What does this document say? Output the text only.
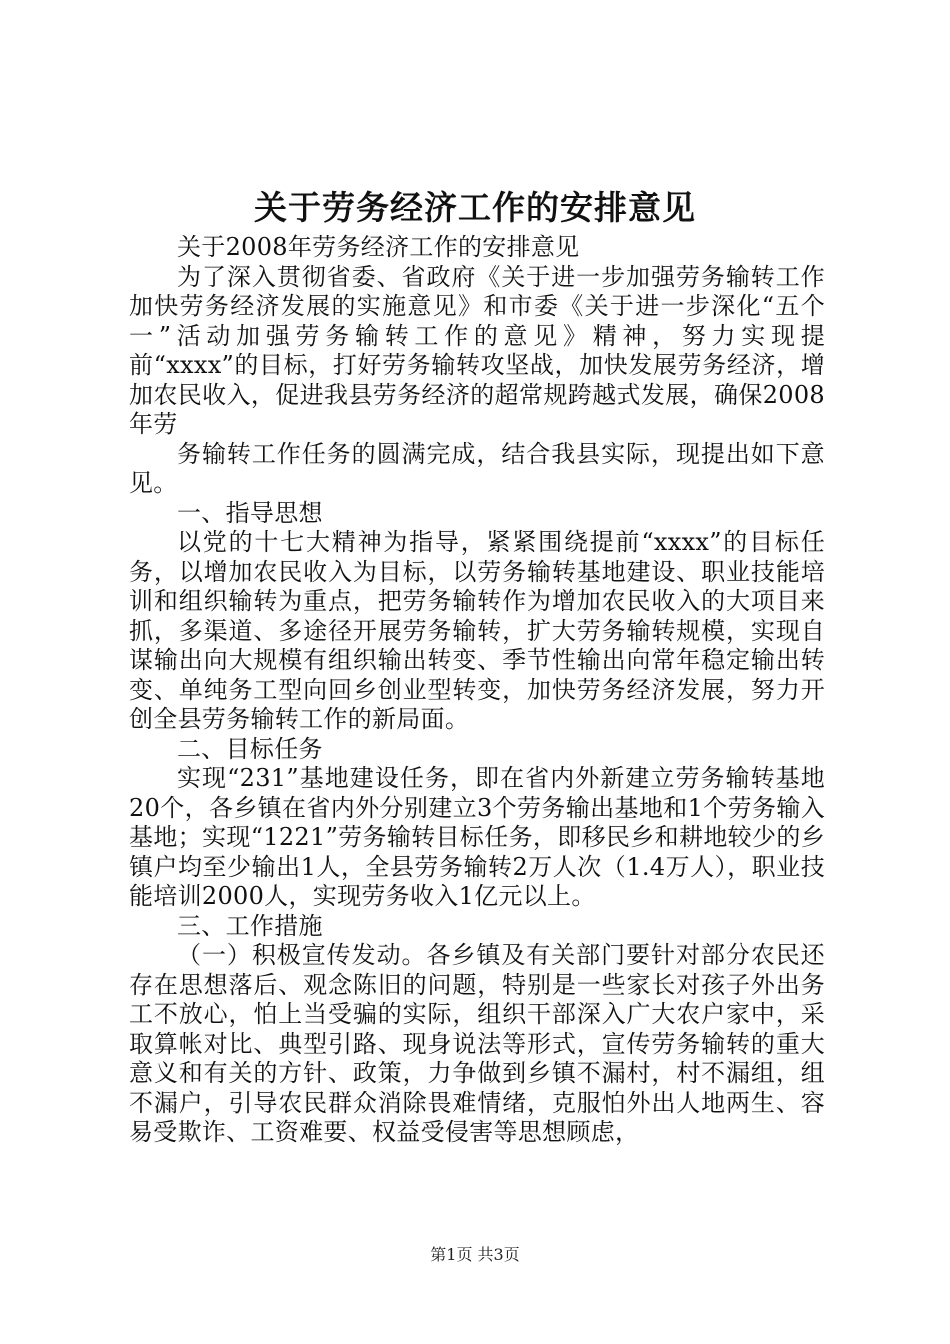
关于劳务经济工作的安排意见

关于2008年劳务经济工作的安排意见

为了深入贯彻省委、省政府《关于进一步加强劳务输转工作加快劳务经济发展的实施意见》和市委《关于进一步深化“五个一”活动加强劳务输转工作的意见》精神，努力实现提前“xxxx”的目标，打好劳务输转攻坚战，加快发展劳务经济，增加农民收入，促进我县劳务经济的超常规跨越式发展，确保2008年劳

务输转工作任务的圆满完成，结合我县实际，现提出如下意见。

一、指导思想

以党的十七大精神为指导，紧紧围绕提前“xxxx”的目标任务，以增加农民收入为目标，以劳务输转基地建设、职业技能培训和组织输转为重点，把劳务输转作为增加农民收入的大项目来抓，多渠道、多途径开展劳务输转，扩大劳务输转规模，实现自谋输出向大规模有组织输出转变、季节性输出向常年稳定输出转变、单纯务工型向回乡创业型转变，加快劳务经济发展，努力开创全县劳务输转工作的新局面。

二、目标任务

实现“231”基地建设任务，即在省内外新建立劳务输转基地20个，各乡镇在省内外分别建立3个劳务输出基地和1个劳务输入基地；实现“1221”劳务输转目标任务，即移民乡和耕地较少的乡镇户均至少输出1人，全县劳务输转2万人次（1.4万人），职业技能培训2000人，实现劳务收入1亿元以上。

三、工作措施

（一）积极宣传发动。各乡镇及有关部门要针对部分农民还存在思想落后、观念陈旧的问题，特别是一些家长对孩子外出务工不放心，怕上当受骗的实际，组织干部深入广大农户家中，采取算帐对比、典型引路、现身说法等形式，宣传劳务输转的重大意义和有关的方针、政策，力争做到乡镇不漏村，村不漏组，组不漏户，引导农民群众消除畏难情绪，克服怕外出人地两生、容易受欺诈、工资难要、权益受侵害等思想顾虑，

第1页 共3页
